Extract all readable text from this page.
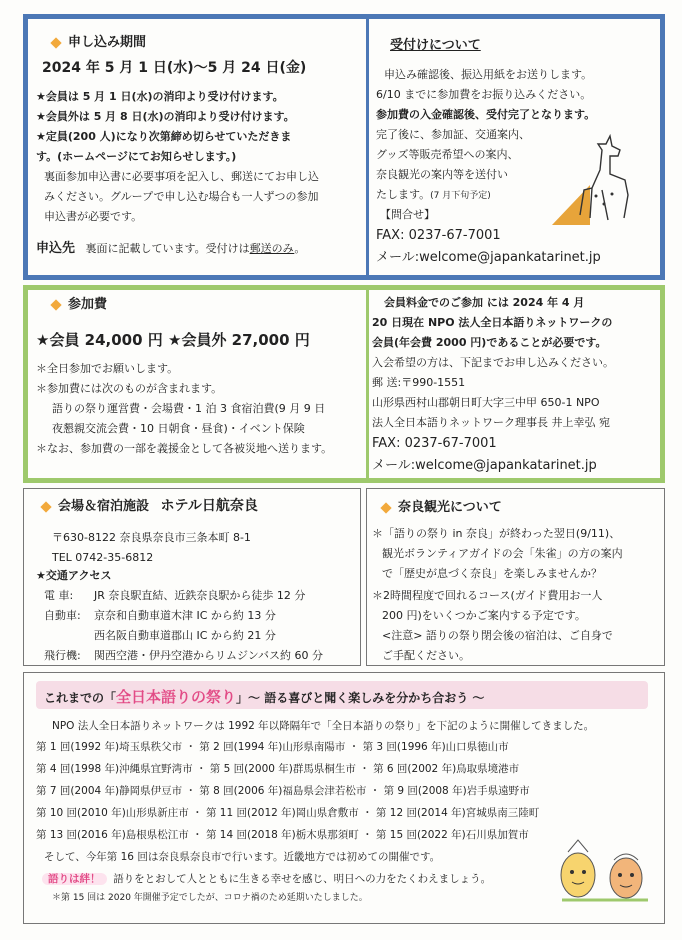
申し込み期間
2024 年 5 月 1 日(水)～5 月 24 日(金)
★会員は 5 月 1 日(水)の消印より受け付けます。
★会員外は 5 月 8 日(水)の消印より受け付けます。
★定員(200 人)になり次第締め切らせていただきま
す。(ホームページにてお知らせします。)
裏面参加申込書に必要事項を記入し、郵送にてお申し込
みください。グループで申し込む場合も一人ずつの参加
申込書が必要です。
申込先 裏面に記載しています。受付けは郵送のみ。
受付けについて
申込み確認後、振込用紙をお送りします。
6/10 までに参加費をお振り込みください。
参加費の入金確認後、受付完了となります。
完了後に、参加証、交通案内、
グッズ等販売希望への案内、
奈良観光の案内等を送付い
たします。(7 月下旬予定)
【問合せ】
FAX: 0237-67-7001
メール:welcome@japankatarinet.jp
参加費
★会員 24,000 円 ★会員外 27,000 円
＊全日参加でお願いします。
＊参加費には次のものが含まれます。
語りの祭り運営費・会場費・1 泊 3 食宿泊費(9 月 9 日
夜懇親交流会費・10 日朝食・昼食)・イベント保険
＊なお、参加費の一部を義援金として各被災地へ送ります。
会員料金でのご参加 には 2024 年 4 月
20 日現在 NPO 法人全日本語りネットワークの
会員(年会費 2000 円)であることが必要です。
入会希望の方は、下記までお申し込みください。
郵 送:〒990-1551
山形県西村山郡朝日町大字三中甲 650-1 NPO
法人全日本語りネットワーク理事長 井上幸弘 宛
FAX: 0237-67-7001
メール:welcome@japankatarinet.jp
会場＆宿泊施設 ホテル日航奈良
〒630-8122 奈良県奈良市三条本町 8-1
TEL 0742-35-6812
★交通アクセス
電 車: JR 奈良駅直結、近鉄奈良駅から徒歩 12 分
自動車: 京奈和自動車道木津 IC から約 13 分
西名阪自動車道郡山 IC から約 21 分
飛行機: 関西空港・伊丹空港からリムジンバス約 60 分
奈良観光について
＊「語りの祭り in 奈良」が終わった翌日(9/11)、
観光ボランティアガイドの会「朱雀」の方の案内
で「歴史が息づく奈良」を楽しみませんか？
＊2時間程度で回れるコース(ガイド費用お一人
200 円)をいくつかご案内する予定です。
<注意> 語りの祭り閉会後の宿泊は、ご自身で
ご手配ください。
これまでの「全日本語りの祭り」～ 語る喜びと聞く楽しみを分かち合おう ～
NPO 法人全日本語りネットワークは 1992 年以降隔年で「全日本語りの祭り」を下記のように開催してきました。
第 1 回(1992 年)埼玉県秩父市 ・ 第 2 回(1994 年)山形県南陽市 ・ 第 3 回(1996 年)山口県徳山市
第 4 回(1998 年)沖縄県宜野湾市 ・ 第 5 回(2000 年)群馬県桐生市 ・ 第 6 回(2002 年)鳥取県境港市
第 7 回(2004 年)静岡県伊豆市 ・ 第 8 回(2006 年)福島県会津若松市 ・ 第 9 回(2008 年)岩手県遠野市
第 10 回(2010 年)山形県新庄市 ・ 第 11 回(2012 年)岡山県倉敷市 ・ 第 12 回(2014 年)宮城県南三陸町
第 13 回(2016 年)島根県松江市 ・ 第 14 回(2018 年)栃木県那須町 ・ 第 15 回(2022 年)石川県加賀市
そして、今年第 16 回は奈良県奈良市で行います。近畿地方では初めての開催です。
語りは絆！ 語りをとおして人とともに生きる幸せを感じ、明日への力をたくわえましょう。
＊第 15 回は 2020 年開催予定でしたが、コロナ禍のため延期いたしました。
